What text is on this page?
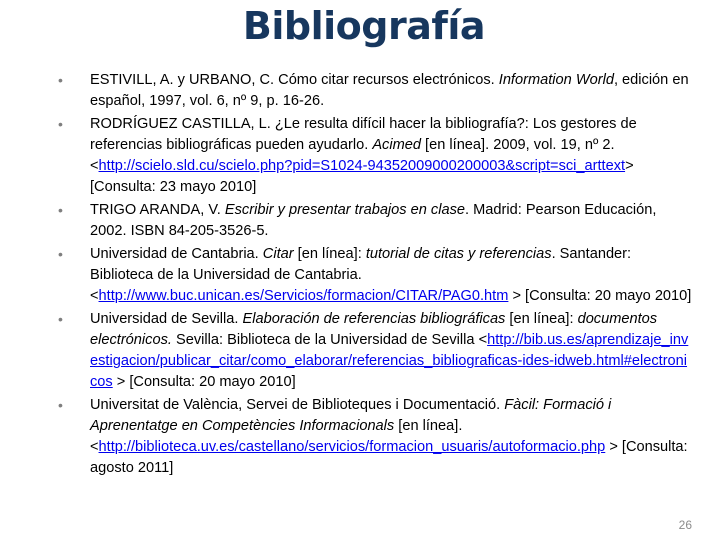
Bibliografía
• ESTIVILL, A. y URBANO, C. Cómo citar recursos electrónicos. Information World, edición en español, 1997, vol. 6, nº 9, p. 16-26.
• RODRÍGUEZ CASTILLA, L. ¿Le resulta difícil hacer la bibliografía?: Los gestores de referencias bibliográficas pueden ayudarlo. Acimed [en línea]. 2009, vol. 19, nº 2. <http://scielo.sld.cu/scielo.php?pid=S1024-94352009000200003&script=sci_arttext> [Consulta: 23 mayo 2010]
• TRIGO ARANDA, V. Escribir y presentar trabajos en clase. Madrid: Pearson Educación, 2002. ISBN 84-205-3526-5.
• Universidad de Cantabria. Citar [en línea]: tutorial de citas y referencias. Santander: Biblioteca de la Universidad de Cantabria. <http://www.buc.unican.es/Servicios/formacion/CITAR/PAG0.htm > [Consulta: 20 mayo 2010]
• Universidad de Sevilla. Elaboración de referencias bibliográficas [en línea]: documentos electrónicos. Sevilla: Biblioteca de la Universidad de Sevilla <http://bib.us.es/aprendizaje_investigacion/publicar_citar/como_elaborar/referencias_bibliograficas-ides-idweb.html#electronicos > [Consulta: 20 mayo 2010]
• Universitat de València, Servei de Biblioteques i Documentació. Fàcil: Formació i Aprenentatge en Competències Informacionals [en línea]. <http://biblioteca.uv.es/castellano/servicios/formacion_usuaris/autoformacio.php > [Consulta: agosto 2011]
26
